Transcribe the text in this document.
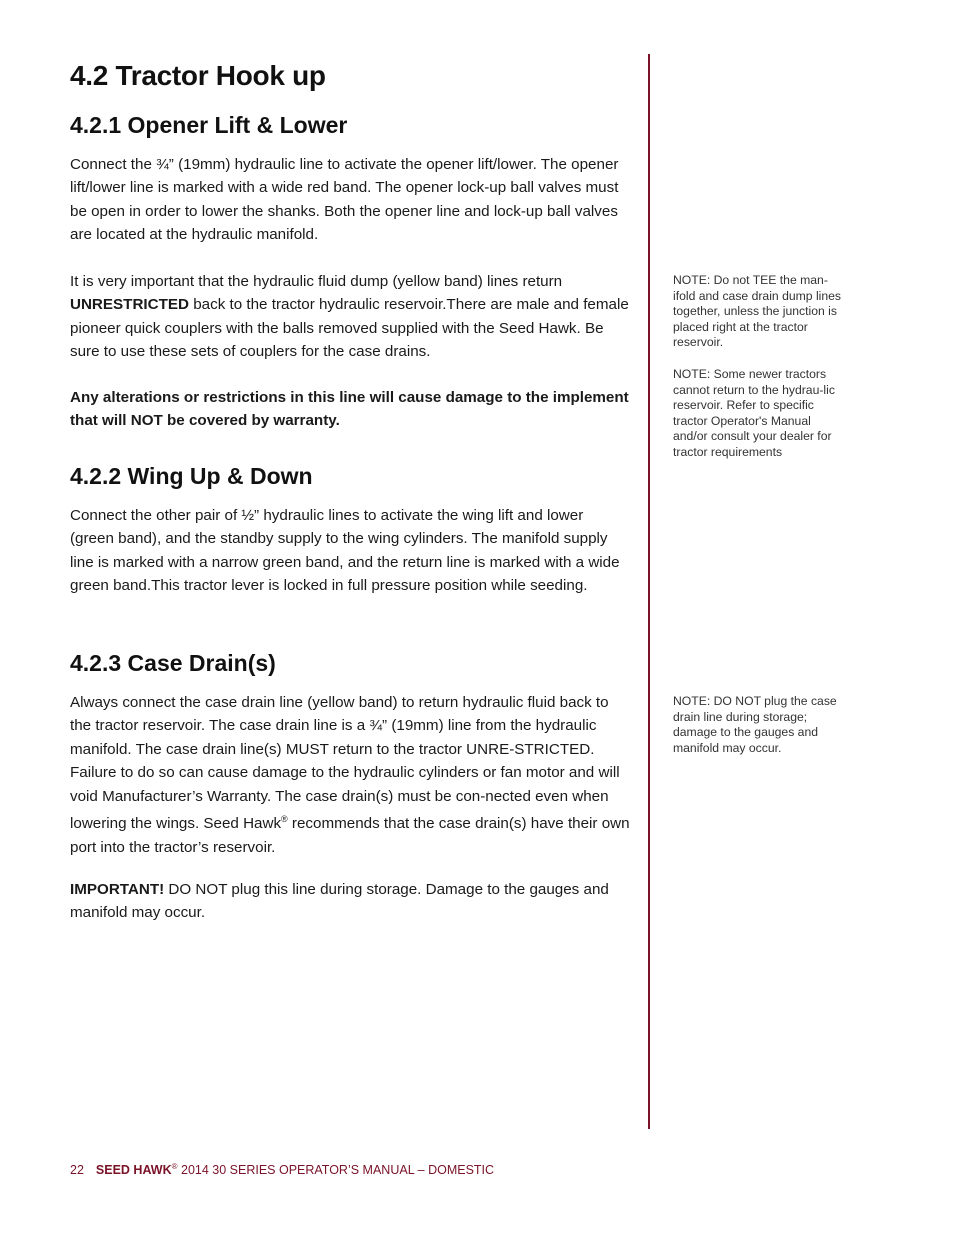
4.2 Tractor Hook up
4.2.1 Opener Lift & Lower

Connect the ¾” (19mm) hydraulic line to activate the opener lift/lower. The opener lift/lower line is marked with a wide red band. The opener lock-up ball valves must be open in order to lower the shanks. Both the opener line and lock-up ball valves are located at the hydraulic manifold.

It is very important that the hydraulic fluid dump (yellow band) lines return UNRESTRICTED back to the tractor hydraulic reservoir.There are male and female pioneer quick couplers with the balls removed supplied with the Seed Hawk. Be sure to use these sets of couplers for the case drains.

Any alterations or restrictions in this line will cause damage to the implement that will NOT be covered by warranty.

4.2.2 Wing Up & Down

Connect the other pair of ½” hydraulic lines to activate the wing lift and lower (green band), and the standby supply to the wing cylinders. The manifold supply line is marked with a narrow green band, and the return line is marked with a wide green band.This tractor lever is locked in full pressure position while seeding.

4.2.3 Case Drain(s)

Always connect the case drain line (yellow band) to return hydraulic fluid back to the tractor reservoir. The case drain line is a ¾” (19mm) line from the hydraulic manifold. The case drain line(s) MUST return to the tractor UNRE-STRICTED. Failure to do so can cause damage to the hydraulic cylinders or fan motor and will void Manufacturer’s Warranty. The case drain(s) must be con-nected even when lowering the wings. Seed Hawk® recommends that the case drain(s) have their own port into the tractor’s reservoir.

IMPORTANT! DO NOT plug this line during storage. Damage to the gauges and manifold may occur.

NOTE: Do not TEE the man-ifold and case drain dump lines together, unless the junction is placed right at the tractor reservoir.

NOTE: Some newer tractors cannot return to the hydrau-lic reservoir. Refer to specific tractor Operator's Manual and/or consult your dealer for tractor requirements

NOTE: DO NOT plug the case drain line during storage; damage to the gauges and manifold may occur.

22 SEED HAWK® 2014 30 SERIES OPERATOR’S MANUAL – DOMESTIC
